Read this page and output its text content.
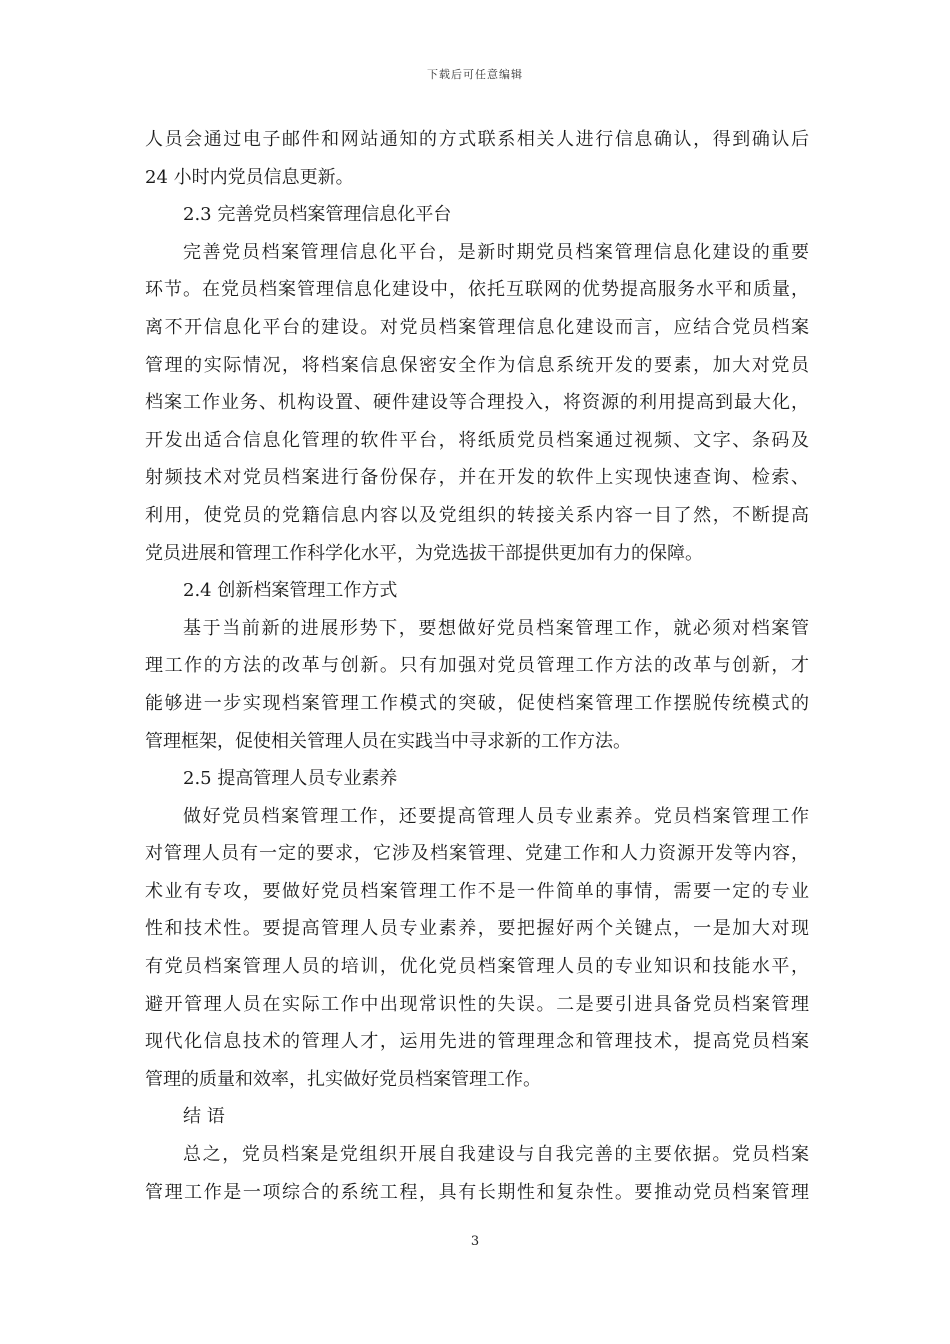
下载后可任意编辑
人员会通过电子邮件和网站通知的方式联系相关人进行信息确认，得到确认后
24 小时内党员信息更新。
2.3 完善党员档案管理信息化平台
完善党员档案管理信息化平台，是新时期党员档案管理信息化建设的重要
环节。在党员档案管理信息化建设中，依托互联网的优势提高服务水平和质量，
离不开信息化平台的建设。对党员档案管理信息化建设而言，应结合党员档案
管理的实际情况，将档案信息保密安全作为信息系统开发的要素，加大对党员
档案工作业务、机构设置、硬件建设等合理投入，将资源的利用提高到最大化，
开发出适合信息化管理的软件平台，将纸质党员档案通过视频、文字、条码及
射频技术对党员档案进行备份保存，并在开发的软件上实现快速查询、检索、
利用，使党员的党籍信息内容以及党组织的转接关系内容一目了然，不断提高
党员进展和管理工作科学化水平，为党选拔干部提供更加有力的保障。
2.4 创新档案管理工作方式
基于当前新的进展形势下，要想做好党员档案管理工作，就必须对档案管
理工作的方法的改革与创新。只有加强对党员管理工作方法的改革与创新，才
能够进一步实现档案管理工作模式的突破，促使档案管理工作摆脱传统模式的
管理框架，促使相关管理人员在实践当中寻求新的工作方法。
2.5 提高管理人员专业素养
做好党员档案管理工作，还要提高管理人员专业素养。党员档案管理工作
对管理人员有一定的要求，它涉及档案管理、党建工作和人力资源开发等内容，
术业有专攻，要做好党员档案管理工作不是一件简单的事情，需要一定的专业
性和技术性。要提高管理人员专业素养，要把握好两个关键点，一是加大对现
有党员档案管理人员的培训，优化党员档案管理人员的专业知识和技能水平，
避开管理人员在实际工作中出现常识性的失误。二是要引进具备党员档案管理
现代化信息技术的管理人才，运用先进的管理理念和管理技术，提高党员档案
管理的质量和效率，扎实做好党员档案管理工作。
结 语
总之，党员档案是党组织开展自我建设与自我完善的主要依据。党员档案
管理工作是一项综合的系统工程，具有长期性和复杂性。要推动党员档案管理
3
